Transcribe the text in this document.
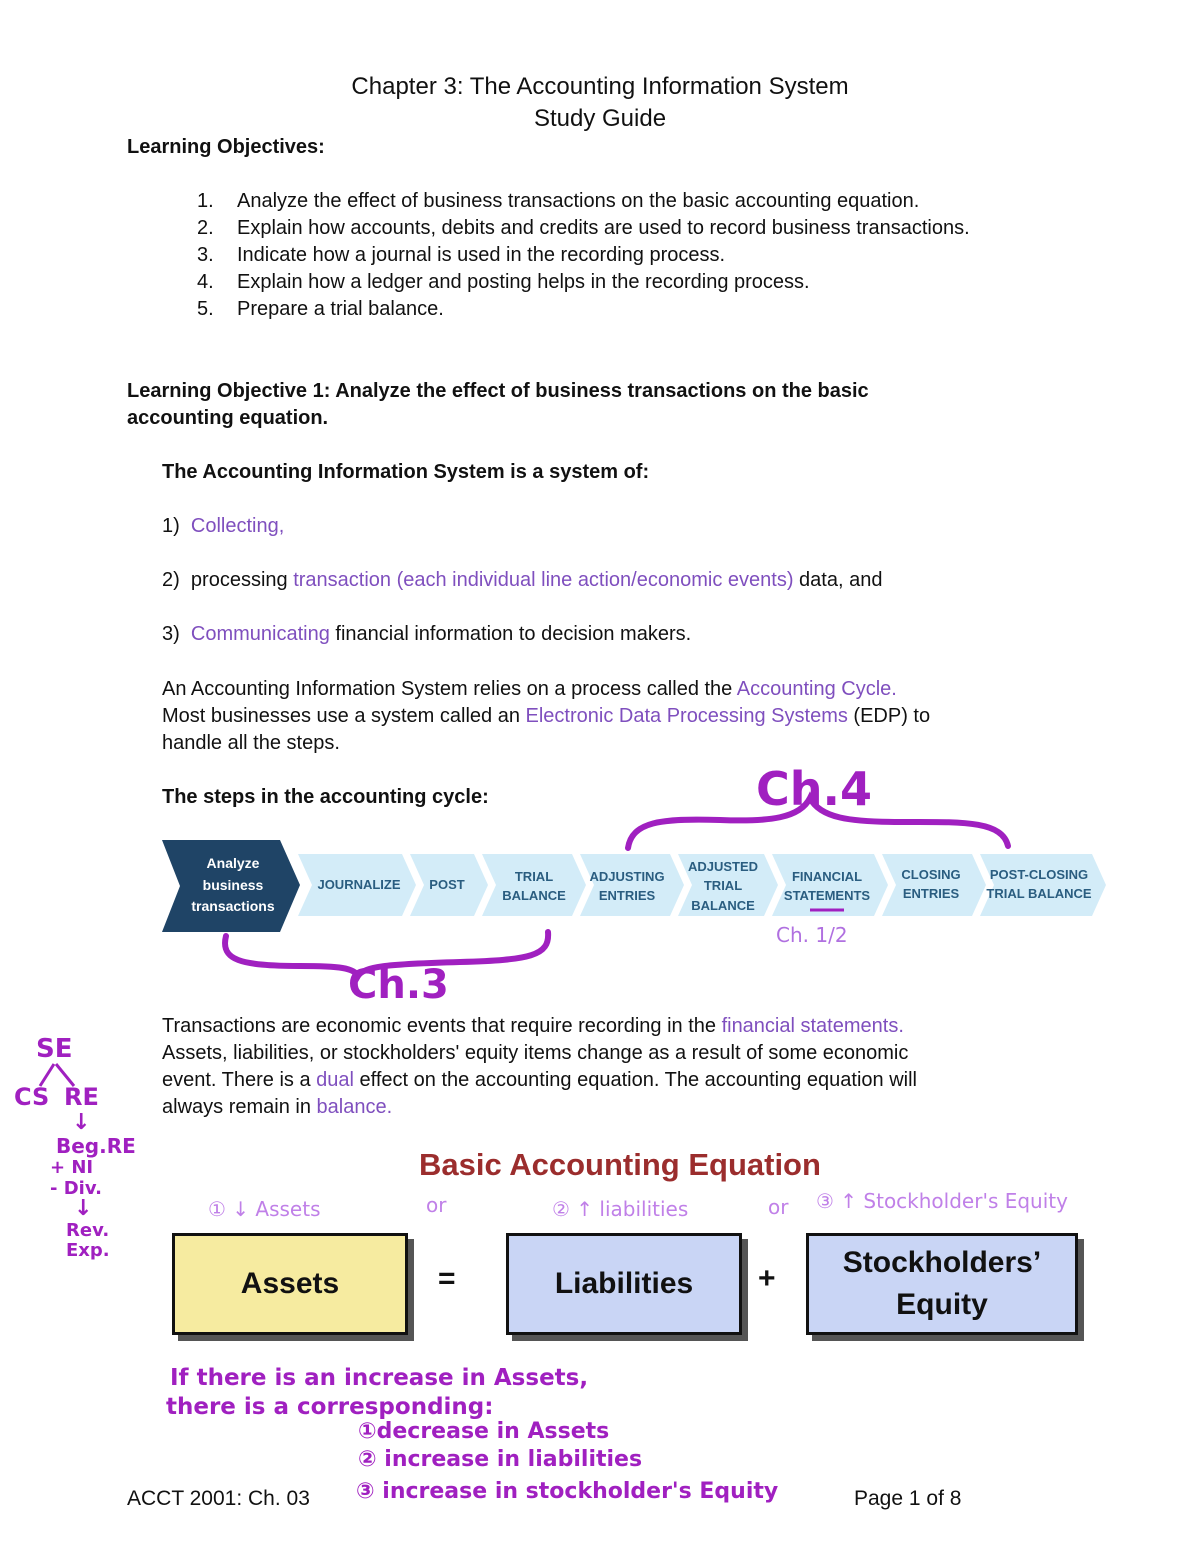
Chapter 3: The Accounting Information System
Study Guide
Learning Objectives:
1. Analyze the effect of business transactions on the basic accounting equation.
2. Explain how accounts, debits and credits are used to record business transactions.
3. Indicate how a journal is used in the recording process.
4. Explain how a ledger and posting helps in the recording process.
5. Prepare a trial balance.
Learning Objective 1: Analyze the effect of business transactions on the basic
accounting equation.
The Accounting Information System is a system of:
1) Collecting,
2) processing transaction (each individual line action/economic events) data, and
3) Communicating financial information to decision makers.
An Accounting Information System relies on a process called the Accounting Cycle.
Most businesses use a system called an Electronic Data Processing Systems (EDP) to
handle all the steps.
The steps in the accounting cycle:
Analyze
business
transactions
JOURNALIZE POST
TRIAL
BALANCE
ADJUSTING
ENTRIES
ADJUSTED
TRIAL
BALANCE
FINANCIAL
STATEMENTS
CLOSING
ENTRIES
POST-CLOSING
TRIAL BALANCE
Ch.4
Ch.3
Ch. 1/2
Transactions are economic events that require recording in the financial statements.
Assets, liabilities, or stockholders' equity items change as a result of some economic
event. There is a dual effect on the accounting equation. The accounting equation will
always remain in balance.
SE
CS RE
↓
Beg.RE
+ NI
- Div.
↓
Rev.
Exp.
Basic Accounting Equation
① ↓ Assets	or	② ↑ liabilities	or ③ ↑ Stockholder's Equity
Assets	=	Liabilities	+ Stockholders’
Equity
If there is an increase in Assets,
there is a corresponding:
①decrease in Assets
② increase in liabilities
③ increase in stockholder's Equity
ACCT 2001: Ch. 03	Page 1 of 8
